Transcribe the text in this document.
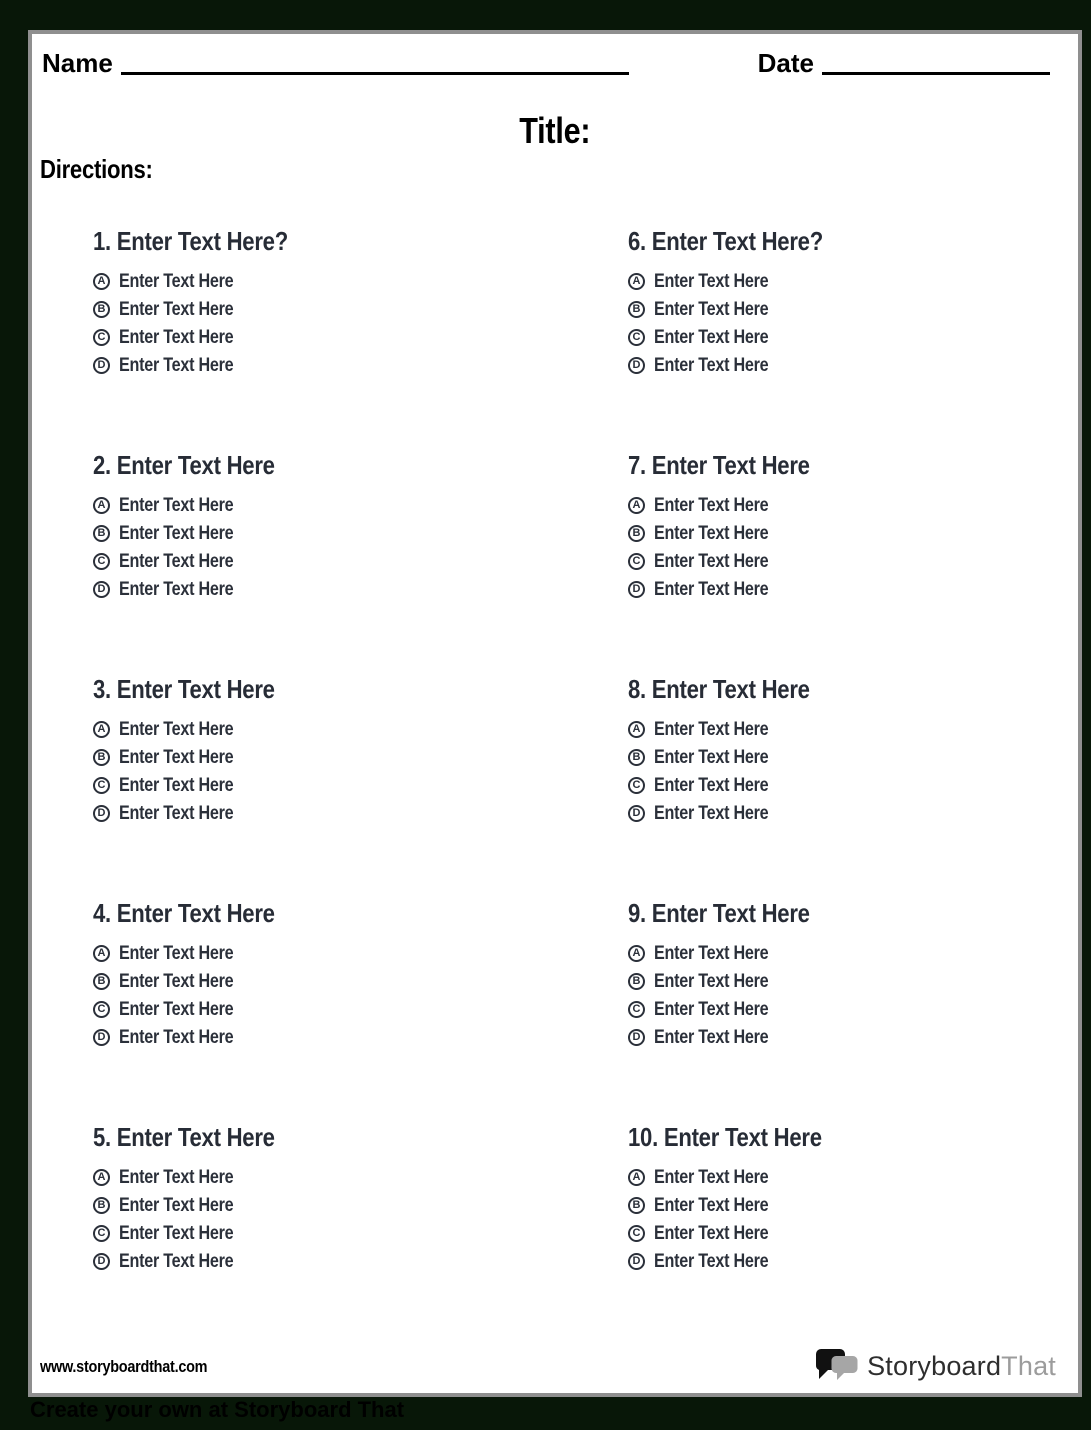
Name	Date
Title:
Directions:
1. Enter Text Here?
A Enter Text Here
B Enter Text Here
C Enter Text Here
D Enter Text Here
2. Enter Text Here
A Enter Text Here
B Enter Text Here
C Enter Text Here
D Enter Text Here
3. Enter Text Here
A Enter Text Here
B Enter Text Here
C Enter Text Here
D Enter Text Here
4. Enter Text Here
A Enter Text Here
B Enter Text Here
C Enter Text Here
D Enter Text Here
5. Enter Text Here
A Enter Text Here
B Enter Text Here
C Enter Text Here
D Enter Text Here
6. Enter Text Here?
A Enter Text Here
B Enter Text Here
C Enter Text Here
D Enter Text Here
7. Enter Text Here
A Enter Text Here
B Enter Text Here
C Enter Text Here
D Enter Text Here
8. Enter Text Here
A Enter Text Here
B Enter Text Here
C Enter Text Here
D Enter Text Here
9. Enter Text Here
A Enter Text Here
B Enter Text Here
C Enter Text Here
D Enter Text Here
10. Enter Text Here
A Enter Text Here
B Enter Text Here
C Enter Text Here
D Enter Text Here
www.storyboardthat.com	StoryboardThat
Create your own at Storyboard That
